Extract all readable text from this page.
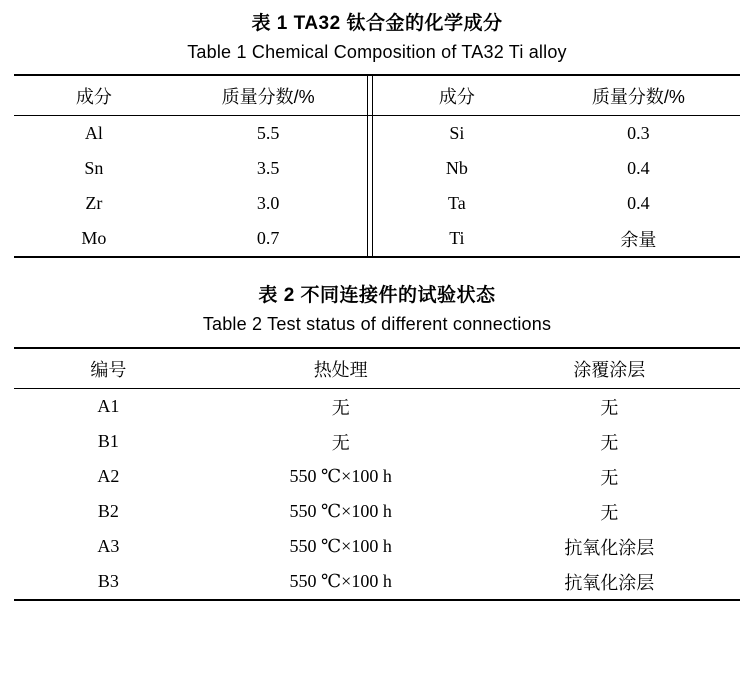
表 1 TA32 钛合金的化学成分
Table 1 Chemical Composition of TA32 Ti alloy
成分	质量分数/%		成分	质量分数/%
Al	5.5		Si	0.3
Sn	3.5		Nb	0.4
Zr	3.0		Ta	0.4
Mo	0.7		Ti	余量
表 2 不同连接件的试验状态
Table 2 Test status of different connections
编号	热处理	涂覆涂层
A1	无	无
B1	无	无
A2	550 ℃×100 h	无
B2	550 ℃×100 h	无
A3	550 ℃×100 h	抗氧化涂层
B3	550 ℃×100 h	抗氧化涂层
